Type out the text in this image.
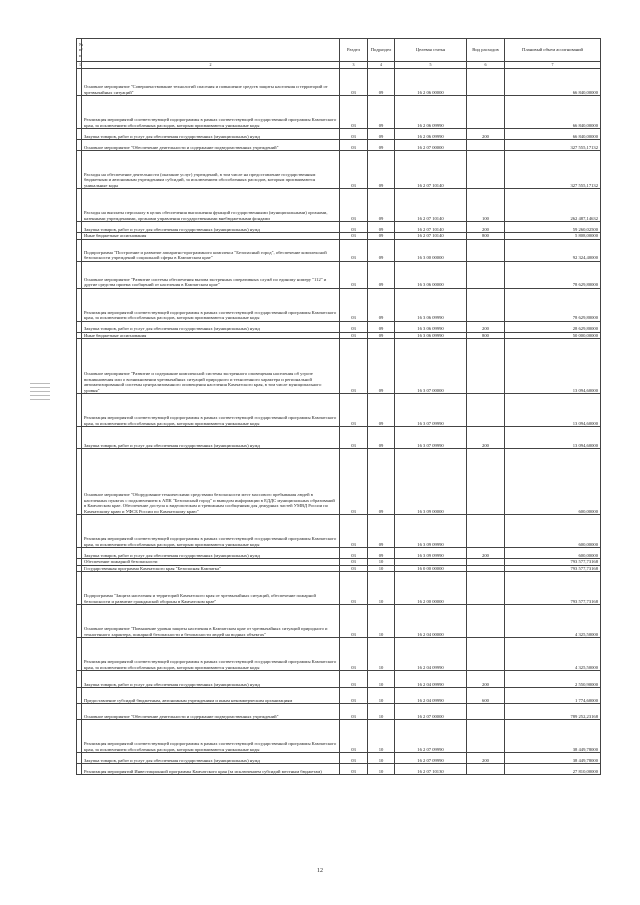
№ п/п		Раздел	Подраздел	Целевая статья	Вид расходов	Плановый объем ассигнований
1	2	3	4	5	6	7
	Основное мероприятие "Совершенствование технологий спасения и повышение средств защиты населения и территорий от чрезвычайных ситуаций"	03	09	16 2 06 00000		66 840,00000
	Реализация мероприятий соответствующей подпрограммы в рамках соответствующей государственной программы Камчатского края, за исключением обособленных расходов, которым присваиваются уникальные коды	03	09	16 2 06 09990		66 840,00000
	Закупка товаров, работ и услуг для обеспечения государственных (муниципальных) нужд	03	09	16 2 06 09990	200	66 840,00000
	Основное мероприятие "Обеспечение деятельности и содержание подведомственных учреждений"	03	09	16 2 07 00000		327 555,17132
	Расходы на обеспечение деятельности (оказание услуг) учреждений, в том числе на предоставление государственным бюджетным и автономным учреждениям субсидий, за исключением обособленных расходов, которым присваиваются уникальные коды	03	09	16 2 07 10140		327 555,17132
	Расходы на выплаты персоналу в целях обеспечения выполнения функций государственными (муниципальными) органами, казенными учреждениями, органами управления государственными внебюджетными фондами	03	09	16 2 07 10140	100	262 487,14632
	Закупка товаров, работ и услуг для обеспечения государственных (муниципальных) нужд	03	09	16 2 07 10140	200	59 260,02500
	Иные бюджетные ассигнования	03	09	16 2 07 10140	800	5 808,00000
	Подпрограмма "Построение и развитие аппаратно-программного комплекса "Безопасный город", обеспечение комплексной безопасности учреждений социальной сферы в Камчатском крае"	03	09	16 3 00 00000		92 324,40000
	Основное мероприятие "Развитие системы обеспечения вызова экстренных оперативных служб по единому номеру "112" и другие средства приема сообщений от населения в Камчатском крае"	03	09	16 3 06 00000		78 629,80000
	Реализация мероприятий соответствующей подпрограммы в рамках соответствующей государственной программы Камчатского края, за исключением обособленных расходов, которым присваиваются уникальные коды	03	09	16 3 06 09990		78 629,80000
	Закупка товаров, работ и услуг для обеспечения государственных (муниципальных) нужд	03	09	16 3 06 09990	200	28 629,80000
	Иные бюджетные ассигнования	03	09	16 3 06 09990	800	50 000,00000
	Основное мероприятие "Развитие и содержание комплексной системы экстренного оповещения населения об угрозе возникновения или о возникновении чрезвычайных ситуаций природного и техногенного характера и региональной автоматизированной системы централизованного оповещения населения Камчатского края, в том числе муниципального уровня"	03	09	16 3 07 00000		13 094,60000
	Реализация мероприятий соответствующей подпрограммы в рамках соответствующей государственной программы Камчатского края, за исключением обособленных расходов, которым присваиваются уникальные коды	03	09	16 3 07 09990		13 094,60000
	Закупка товаров, работ и услуг для обеспечения государственных (муниципальных) нужд	03	09	16 3 07 09990	200	13 094,60000
	Основное мероприятие "Оборудование техническими средствами безопасности мест массового пребывания людей в населенных пунктах с подключением к АПК "Безопасный город" и выводом информации в ЕДДС муниципальных образований в Камчатском крае. Обеспечение доступа к видеопотокам и тревожным сообщениям для дежурных частей УМВД России по Камчатскому краю и УФСБ России по Камчатскому краю"	03	09	16 3 09 00000		600,00000
	Реализация мероприятий соответствующей подпрограммы в рамках соответствующей государственной программы Камчатского края, за исключением обособленных расходов, которым присваиваются уникальные коды	03	09	16 3 09 09990		600,00000
	Закупка товаров, работ и услуг для обеспечения государственных (муниципальных) нужд	03	09	16 3 09 09990	200	600,00000
	Обеспечение пожарной безопасности	03	10			793 577,73168
	Государственная программа Камчатского края "Безопасная Камчатка"	03	10	16 0 00 00000		793 577,73168
	Подпрограмма "Защита населения и территорий Камчатского края от чрезвычайных ситуаций, обеспечение пожарной безопасности и развитие гражданской обороны в Камчатском крае"	03	10	16 2 00 00000		793 577,73168
	Основное мероприятие "Повышение уровня защиты населения в Камчатском крае от чрезвычайных ситуаций природного и техногенного характера, пожарной безопасности и безопасности людей на водных объектах"	03	10	16 2 04 00000		4 325,50000
	Реализация мероприятий соответствующей подпрограммы в рамках соответствующей государственной программы Камчатского края, за исключением обособленных расходов, которым присваиваются уникальные коды	03	10	16 2 04 09990		4 325,50000
	Закупка товаров, работ и услуг для обеспечения государственных (муниципальных) нужд	03	10	16 2 04 09990	200	2 550,90000
	Предоставление субсидий бюджетным, автономным учреждениям и иным некоммерческим организациям	03	10	16 2 04 09990	600	1 774,60000
	Основное мероприятие "Обеспечение деятельности и содержание подведомственных учреждений"	03	10	16 2 07 00000		789 252,23168
	Реализация мероприятий соответствующей подпрограммы в рамках соответствующей государственной программы Камчатского края, за исключением обособленных расходов, которым присваиваются уникальные коды	03	10	16 2 07 09990		38 449,78000
	Закупка товаров, работ и услуг для обеспечения государственных (муниципальных) нужд	03	10	16 2 07 09990	200	38 449,78000
	Реализация мероприятий Инвестиционной программы Камчатского края (за исключением субсидий местным бюджетам)	03	10	16 2 07 10130		27 810,00000
12
